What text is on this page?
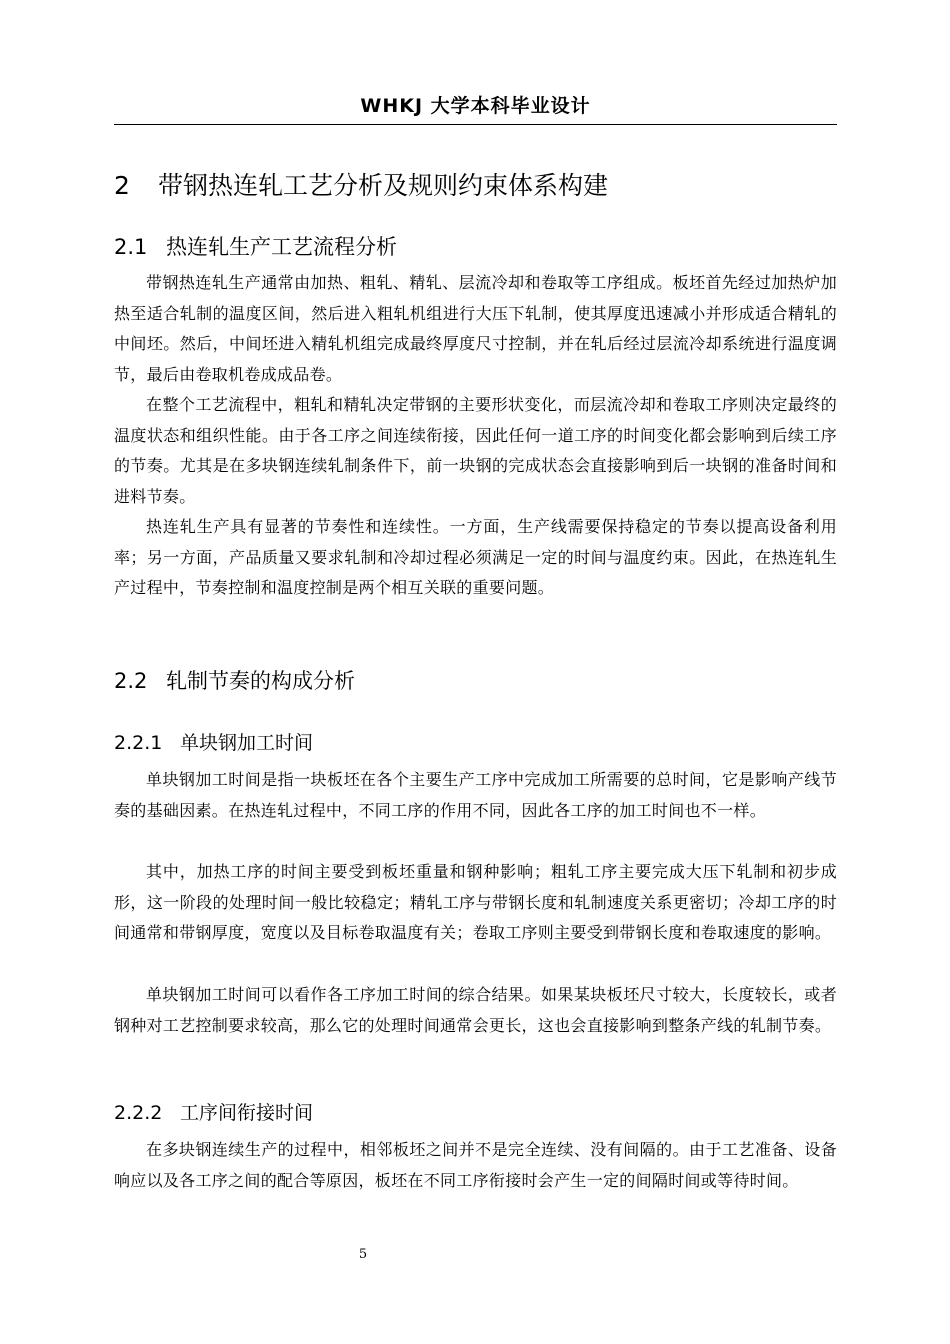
WHKJ 大学本科毕业设计
2 带钢热连轧工艺分析及规则约束体系构建
2.1 热连轧生产工艺流程分析

带钢热连轧生产通常由加热、粗轧、精轧、层流冷却和卷取等工序组成。板坯首先经过加热炉加热至适合轧制的温度区间，然后进入粗轧机组进行大压下轧制，使其厚度迅速减小并形成适合精轧的中间坯。然后，中间坯进入精轧机组完成最终厚度尺寸控制，并在轧后经过层流冷却系统进行温度调节，最后由卷取机卷成成品卷。

在整个工艺流程中，粗轧和精轧决定带钢的主要形状变化，而层流冷却和卷取工序则决定最终的温度状态和组织性能。由于各工序之间连续衔接，因此任何一道工序的时间变化都会影响到后续工序的节奏。尤其是在多块钢连续轧制条件下，前一块钢的完成状态会直接影响到后一块钢的准备时间和进料节奏。

热连轧生产具有显著的节奏性和连续性。一方面，生产线需要保持稳定的节奏以提高设备利用率；另一方面，产品质量又要求轧制和冷却过程必须满足一定的时间与温度约束。因此，在热连轧生产过程中，节奏控制和温度控制是两个相互关联的重要问题。

2.2 轧制节奏的构成分析
2.2.1 单块钢加工时间

单块钢加工时间是指一块板坯在各个主要生产工序中完成加工所需要的总时间，它是影响产线节奏的基础因素。在热连轧过程中，不同工序的作用不同，因此各工序的加工时间也不一样。

其中，加热工序的时间主要受到板坯重量和钢种影响；粗轧工序主要完成大压下轧制和初步成形，这一阶段的处理时间一般比较稳定；精轧工序与带钢长度和轧制速度关系更密切；冷却工序的时间通常和带钢厚度，宽度以及目标卷取温度有关；卷取工序则主要受到带钢长度和卷取速度的影响。

单块钢加工时间可以看作各工序加工时间的综合结果。如果某块板坯尺寸较大，长度较长，或者钢种对工艺控制要求较高，那么它的处理时间通常会更长，这也会直接影响到整条产线的轧制节奏。

2.2.2 工序间衔接时间

在多块钢连续生产的过程中，相邻板坯之间并不是完全连续、没有间隔的。由于工艺准备、设备响应以及各工序之间的配合等原因，板坯在不同工序衔接时会产生一定的间隔时间或等待时间。

5
